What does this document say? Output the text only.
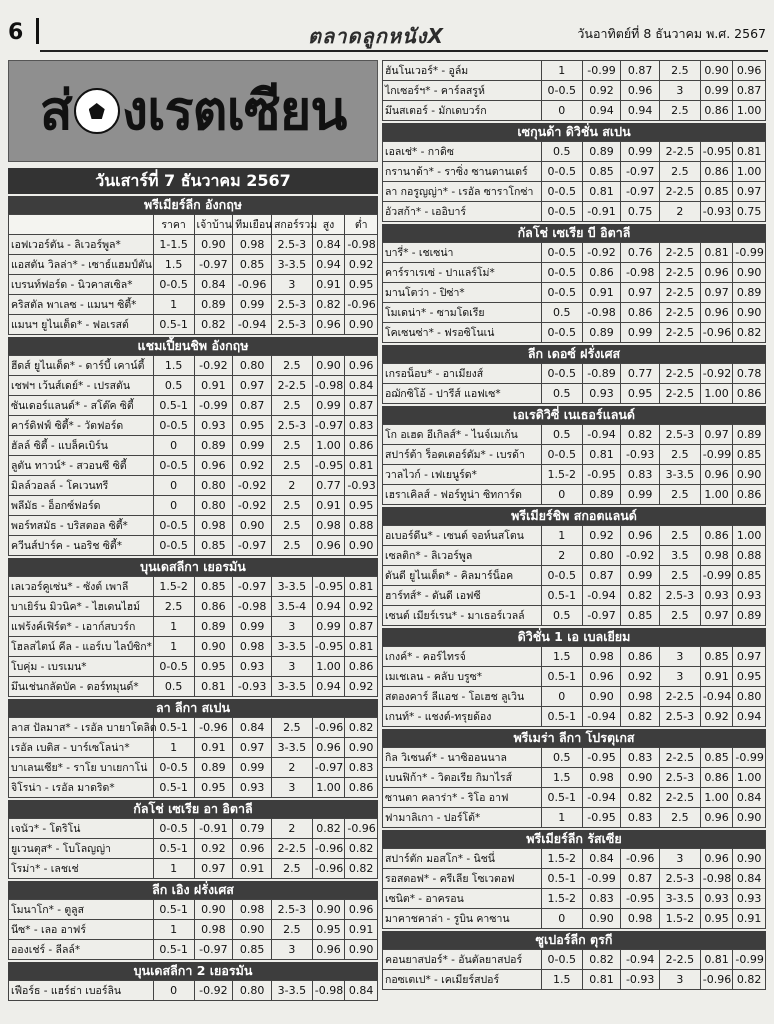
6	ตลาดลูกหนังX	วันอาทิตย์ที่ 8 ธันวาคม พ.ศ. 2567
ส่ งเรตเซียน
วันเสาร์ที่ 7 ธันวาคม 2567
พรีเมียร์ลีก อังกฤษ
	ราคา	เจ้าบ้าน	ทีมเยือน	สกอร์รวม	สูง	ต่ำ
เอฟเวอร์ตัน - ลิเวอร์พูล*	1-1.5	0.90	0.98	2.5-3	0.84	-0.98
แอสตัน วิลล่า* - เซาธ์แฮมป์ตัน	1.5	-0.97	0.85	3-3.5	0.94	0.92
เบรนท์ฟอร์ด - นิวคาสเซิล*	0-0.5	0.84	-0.96	3	0.91	0.95
คริสตัล พาเลซ - แมนฯ ซิตี้*	1	0.89	0.99	2.5-3	0.82	-0.96
แมนฯ ยูไนเต็ด* - ฟอเรสต์	0.5-1	0.82	-0.94	2.5-3	0.96	0.90
แชมเปี้ยนชิพ อังกฤษ
ฮีดส์ ยูไนเต็ด* - ดาร์บี้ เคาน์ตี้	1.5	-0.92	0.80	2.5	0.90	0.96
เชฟฯ เว้นส์เดย์* - เปรสตัน	0.5	0.91	0.97	2-2.5	-0.98	0.84
ซันเดอร์แลนด์* - สโต๊ค ซิตี้	0.5-1	-0.99	0.87	2.5	0.99	0.87
คาร์ดิฟฟ์ ซิตี้* - วัตฟอร์ด	0-0.5	0.93	0.95	2.5-3	-0.97	0.83
ฮัลล์ ซิตี้ - แบล็คเบิร์น	0	0.89	0.99	2.5	1.00	0.86
ลูตัน ทาวน์* - สวอนซี ซิตี้	0-0.5	0.96	0.92	2.5	-0.95	0.81
มิลล์วอลล์ - โคเวนทรี	0	0.80	-0.92	2	0.77	-0.93
พลีมัธ - อ็อกซ์ฟอร์ด	0	0.80	-0.92	2.5	0.91	0.95
พอร์ทสมัธ - บริสตอล ซิตี้*	0-0.5	0.98	0.90	2.5	0.98	0.88
ควีนส์ปาร์ค - นอริช ซิตี้*	0-0.5	0.85	-0.97	2.5	0.96	0.90
บุนเดสลีกา เยอรมัน
เลเวอร์คูเซ่น* - ซังต์ เพาลี	1.5-2	0.85	-0.97	3-3.5	-0.95	0.81
บาเยิร์น มิวนิค* - ไฮเดนไฮม์	2.5	0.86	-0.98	3.5-4	0.94	0.92
แฟร้งค์เฟิร์ต* - เอาก์สบวร์ก	1	0.89	0.99	3	0.99	0.87
โฮลสไตน์ คีล - แอร์เบ ไลป์ซิก*	1	0.90	0.98	3-3.5	-0.95	0.81
โบคุ่ม - เบรเมน*	0-0.5	0.95	0.93	3	1.00	0.86
มึนเช่นกลัดบัค - ดอร์ทมุนด์*	0.5	0.81	-0.93	3-3.5	0.94	0.92
ลา ลีกา สเปน
ลาส ปัลมาส* - เรอัล บายาโดลิด	0.5-1	-0.96	0.84	2.5	-0.96	0.82
เรอัล เบติส - บาร์เซโลน่า*	1	0.91	0.97	3-3.5	0.96	0.90
บาเลนเซีย* - ราโย บาเยกาโน่	0-0.5	0.89	0.99	2	-0.97	0.83
จิโรน่า - เรอัล มาดริด*	0.5-1	0.95	0.93	3	1.00	0.86
กัลโช่ เซเรีย อา อิตาลี
เจนัว* - โตริโน่	0-0.5	-0.91	0.79	2	0.82	-0.96
ยูเวนตุส* - โบโลญญ่า	0.5-1	0.92	0.96	2-2.5	-0.96	0.82
โรม่า* - เลชเช่	1	0.97	0.91	2.5	-0.96	0.82
ลีก เอิง ฝรั่งเศส
โมนาโก* - ตูลูส	0.5-1	0.90	0.98	2.5-3	0.90	0.96
นีซ* - เลอ อาฟร์	1	0.98	0.90	2.5	0.95	0.91
อองเช่ร์ - ลีลล์*	0.5-1	-0.97	0.85	3	0.96	0.90
บุนเดสลีกา 2 เยอรมัน
เฟือร์ธ - แฮร์ธ่า เบอร์ลิน	0	-0.92	0.80	3-3.5	-0.98	0.84
ฮันโนเวอร์* - อูล์ม	1	-0.99	0.87	2.5	0.90	0.96
ไกเซอร์ฯ* - คาร์ลสรูห์	0-0.5	0.92	0.96	3	0.99	0.87
มึนสเตอร์ - มักเดบวร์ก	0	0.94	0.94	2.5	0.86	1.00
เซกุนด้า ดิวิชั่น สเปน
เอลเช่* - กาดิซ	0.5	0.89	0.99	2-2.5	-0.95	0.81
กรานาด้า* - ราซิ่ง ซานตานเดร์	0-0.5	0.85	-0.97	2.5	0.86	1.00
ลา กอรูญญ่า* - เรอัล ซาราโกซ่า	0-0.5	0.81	-0.97	2-2.5	0.85	0.97
อัวสก้า* - เออิบาร์	0-0.5	-0.91	0.75	2	-0.93	0.75
กัลโช่ เซเรีย บี อิตาลี
บารี่* - เชเซน่า	0-0.5	-0.92	0.76	2-2.5	0.81	-0.99
คาร์ราเรเซ่ - ปาแลร์โม่*	0-0.5	0.86	-0.98	2-2.5	0.96	0.90
มานโตว่า - ปิซ่า*	0-0.5	0.91	0.97	2-2.5	0.97	0.89
โมเดน่า* - ซามโดเรีย	0.5	-0.98	0.86	2-2.5	0.96	0.90
โคเซนซ่า* - ฟรอซิโนเน่	0-0.5	0.89	0.99	2-2.5	-0.96	0.82
ลีก เดอซ์ ฝรั่งเศส
เกรอน็อบ* - อาเมียงส์	0-0.5	-0.89	0.77	2-2.5	-0.92	0.78
อฌักซิโอ้ - ปารีส์ แอฟเซ*	0.5	0.93	0.95	2-2.5	1.00	0.86
เอเรดิวิซี่ เนเธอร์แลนด์
โก อเฮด อีเกิลส์* - ไนจ์เมเก้น	0.5	-0.94	0.82	2.5-3	0.97	0.89
สปาร์ต้า ร็อตเตอร์ดัม* - เบรด้า	0-0.5	0.81	-0.93	2.5	-0.99	0.85
วาลไวก์ - เฟเยนูร์ด*	1.5-2	-0.95	0.83	3-3.5	0.96	0.90
เฮราเคิลส์ - ฟอร์ทูน่า ซิทการ์ด	0	0.89	0.99	2.5	1.00	0.86
พรีเมียร์ชิพ สกอตแลนด์
อเบอร์ดีน* - เซนต์ จอห์นสโตน	1	0.92	0.96	2.5	0.86	1.00
เซลติก* - ลิเวอร์พูล	2	0.80	-0.92	3.5	0.98	0.88
ดันดี ยูไนเต็ด* - คิลมาร์น็อค	0-0.5	0.87	0.99	2.5	-0.99	0.85
ฮาร์ทส์* - ดันดี เอฟซี	0.5-1	-0.94	0.82	2.5-3	0.93	0.93
เซนต์ เมียร์เรน* - มาเธอร์เวลล์	0.5	-0.97	0.85	2.5	0.97	0.89
ดิวิชั่น 1 เอ เบลเยียม
เกงค์* - คอร์ไทรจ์	1.5	0.98	0.86	3	0.85	0.97
เมเชเลน - คลับ บรูซ*	0.5-1	0.96	0.92	3	0.91	0.95
สตองคาร์ ลีแอช - โอเฮช ลูเวิน	0	0.90	0.98	2-2.5	-0.94	0.80
เกนท์* - แชงต์-ทรุยด้อง	0.5-1	-0.94	0.82	2.5-3	0.92	0.94
พรีเมร่า ลีกา โปรตุเกส
กิล วิเซนต์* - นาซิออนนาล	0.5	-0.95	0.83	2-2.5	0.85	-0.99
เบนฟิก้า* - วิตอเรีย กิมาไรส์	1.5	0.98	0.90	2.5-3	0.86	1.00
ซานตา คลาร่า* - ริโอ อาฟ	0.5-1	-0.94	0.82	2-2.5	1.00	0.84
ฟามาลิเกา - ปอร์โต้*	1	-0.95	0.83	2.5	0.96	0.90
พรีเมียร์ลีก รัสเซีย
สปาร์ตัก มอสโก* - นิชนี่	1.5-2	0.84	-0.96	3	0.96	0.90
รอสตอฟ* - ครีเลีย โซเวตอฟ	0.5-1	-0.99	0.87	2.5-3	-0.98	0.84
เซนิต* - อาครอน	1.5-2	0.83	-0.95	3-3.5	0.93	0.93
มาคาชคาล่า - รูบิน คาซาน	0	0.90	0.98	1.5-2	0.95	0.91
ซูเปอร์ลีก ตุรกี
คอนยาสปอร์* - อันตัลยาสปอร์	0-0.5	0.82	-0.94	2-2.5	0.81	-0.99
กอซเตเป* - เคเมียร์สปอร์	1.5	0.81	-0.93	3	-0.96	0.82
